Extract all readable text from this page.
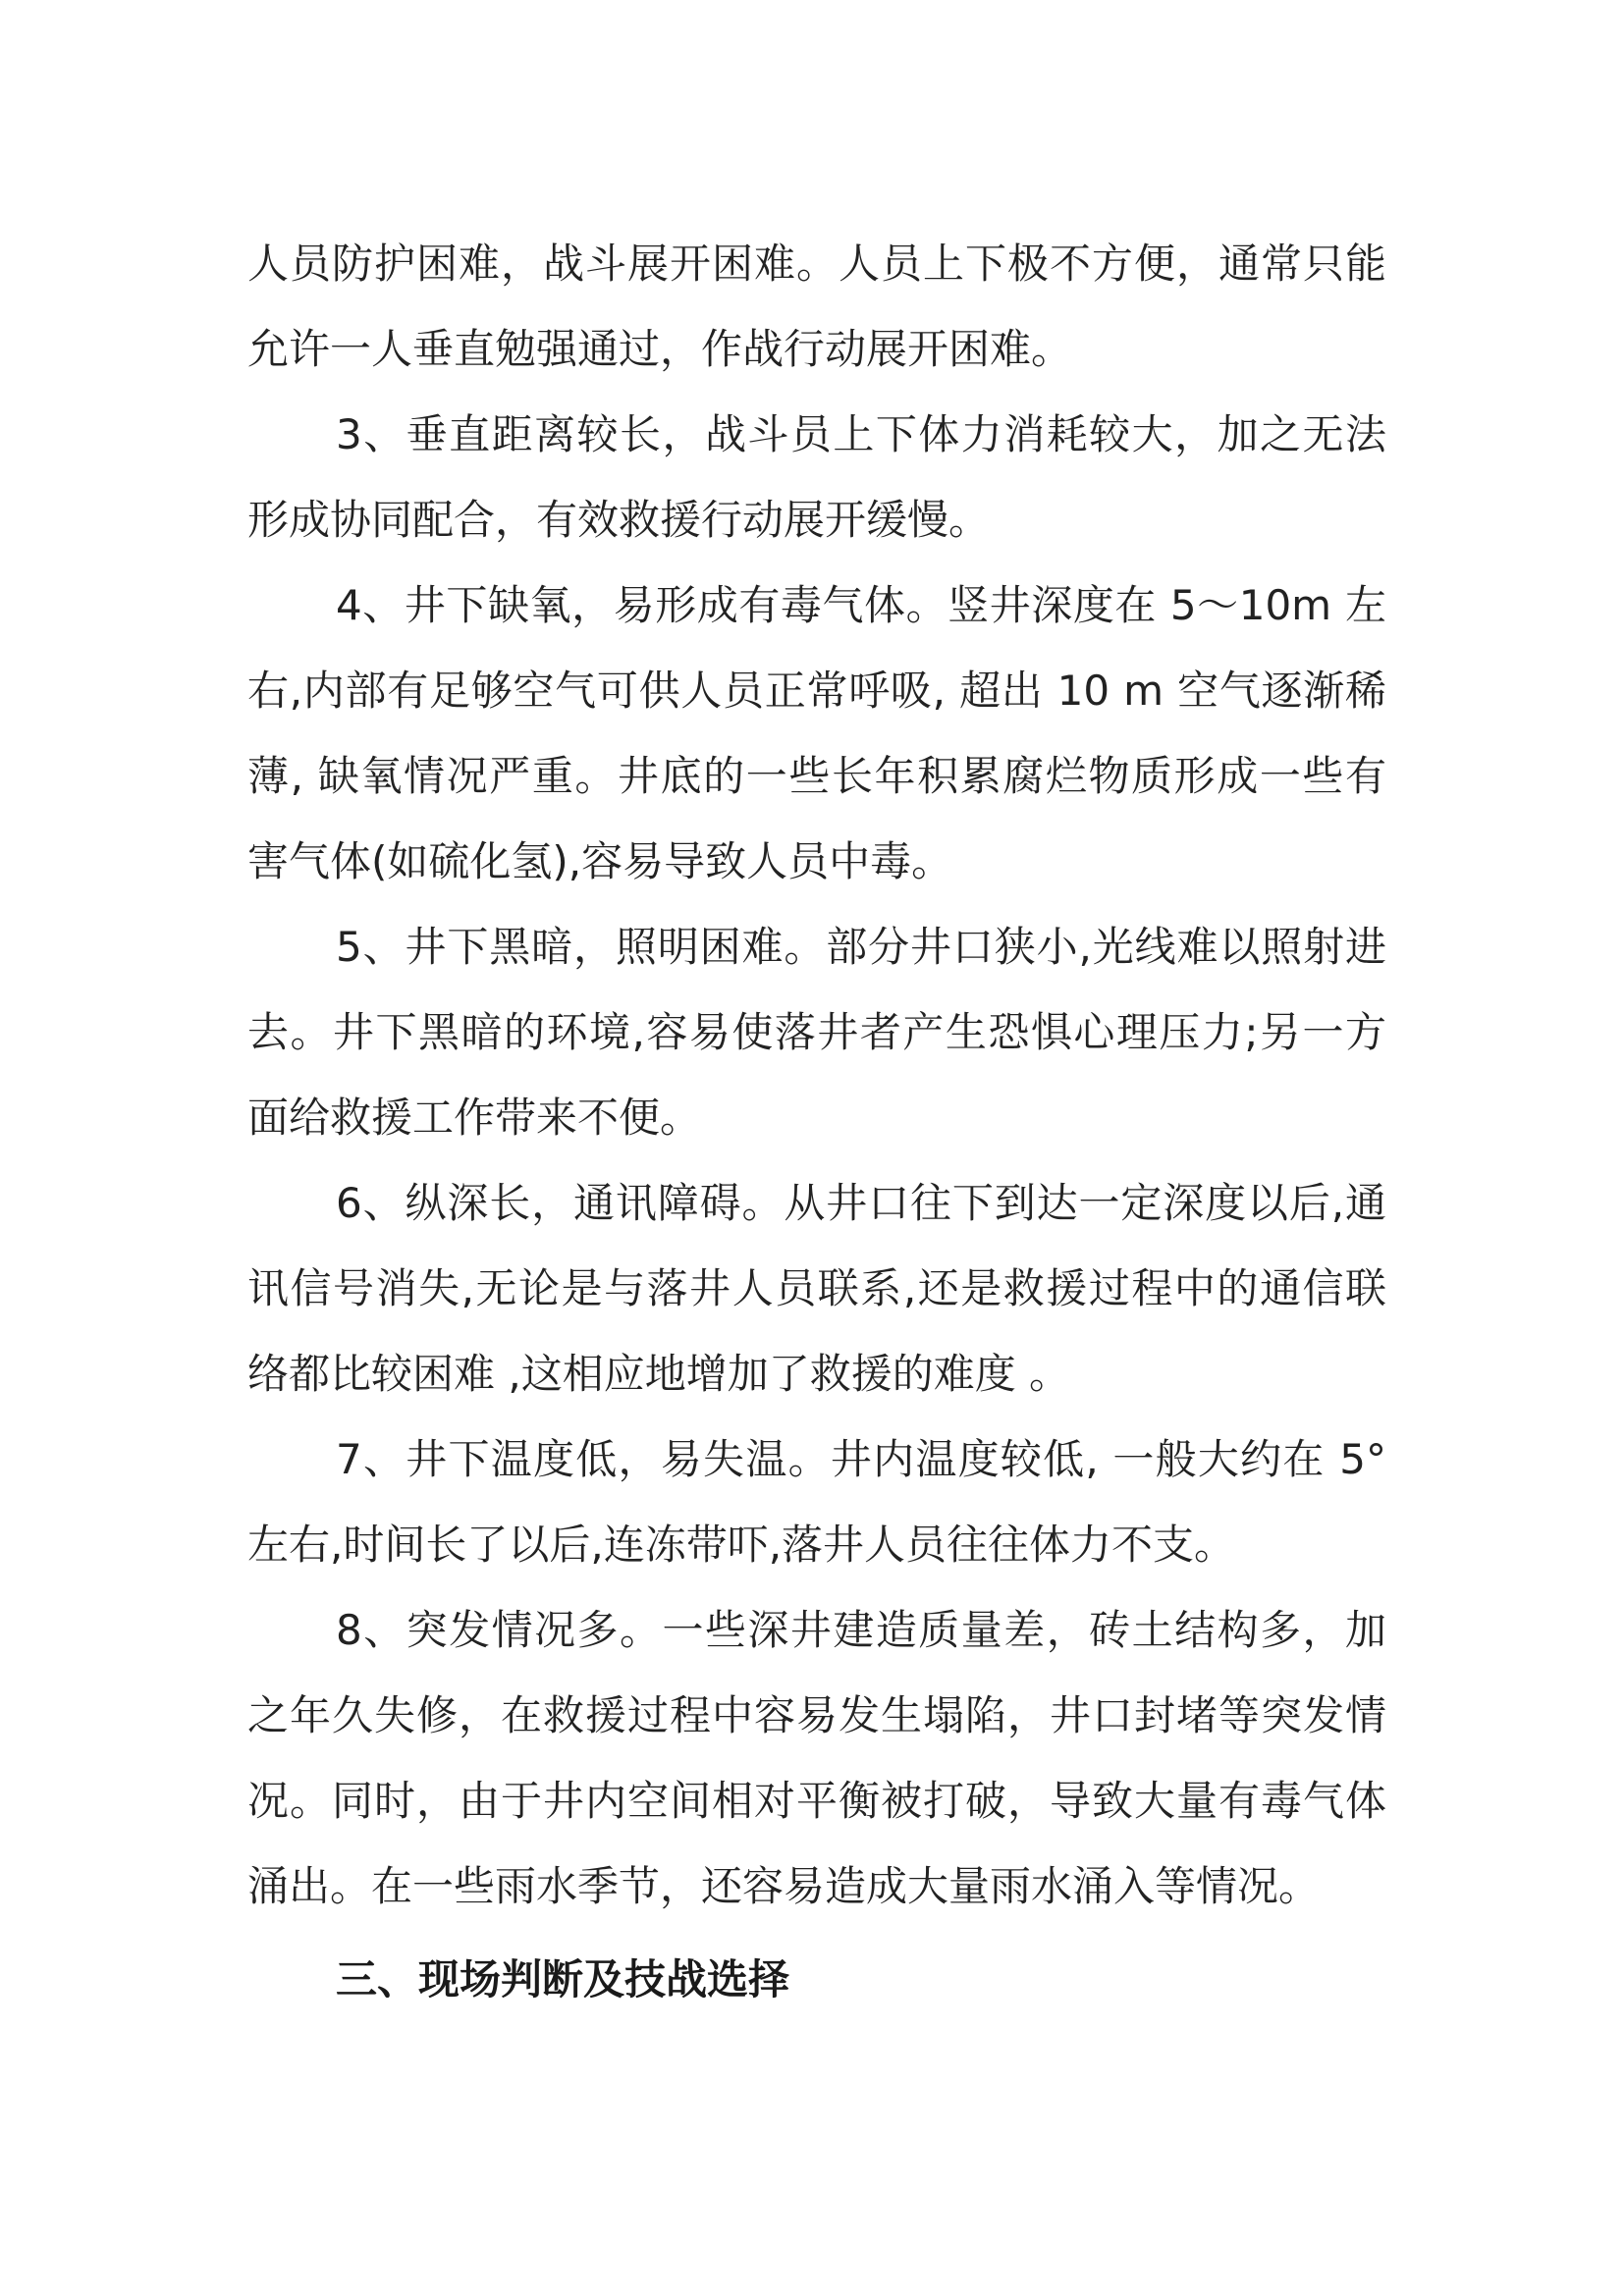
人员防护困难，战斗展开困难。人员上下极不方便，通常只能允许一人垂直勉强通过，作战行动展开困难。

3、垂直距离较长，战斗员上下体力消耗较大，加之无法形成协同配合，有效救援行动展开缓慢。

4、井下缺氧，易形成有毒气体。竖井深度在 5～10m 左右,内部有足够空气可供人员正常呼吸, 超出 10 m 空气逐渐稀薄, 缺氧情况严重。井底的一些长年积累腐烂物质形成一些有害气体(如硫化氢),容易导致人员中毒。

5、井下黑暗，照明困难。部分井口狭小,光线难以照射进去。井下黑暗的环境,容易使落井者产生恐惧心理压力;另一方面给救援工作带来不便。

6、纵深长，通讯障碍。从井口往下到达一定深度以后,通讯信号消失,无论是与落井人员联系,还是救援过程中的通信联络都比较困难 ,这相应地增加了救援的难度 。

7、井下温度低，易失温。井内温度较低, 一般大约在 5°左右,时间长了以后,连冻带吓,落井人员往往体力不支。

8、突发情况多。一些深井建造质量差，砖土结构多，加之年久失修，在救援过程中容易发生塌陷，井口封堵等突发情况。同时，由于井内空间相对平衡被打破，导致大量有毒气体涌出。在一些雨水季节，还容易造成大量雨水涌入等情况。

三、现场判断及技战选择
